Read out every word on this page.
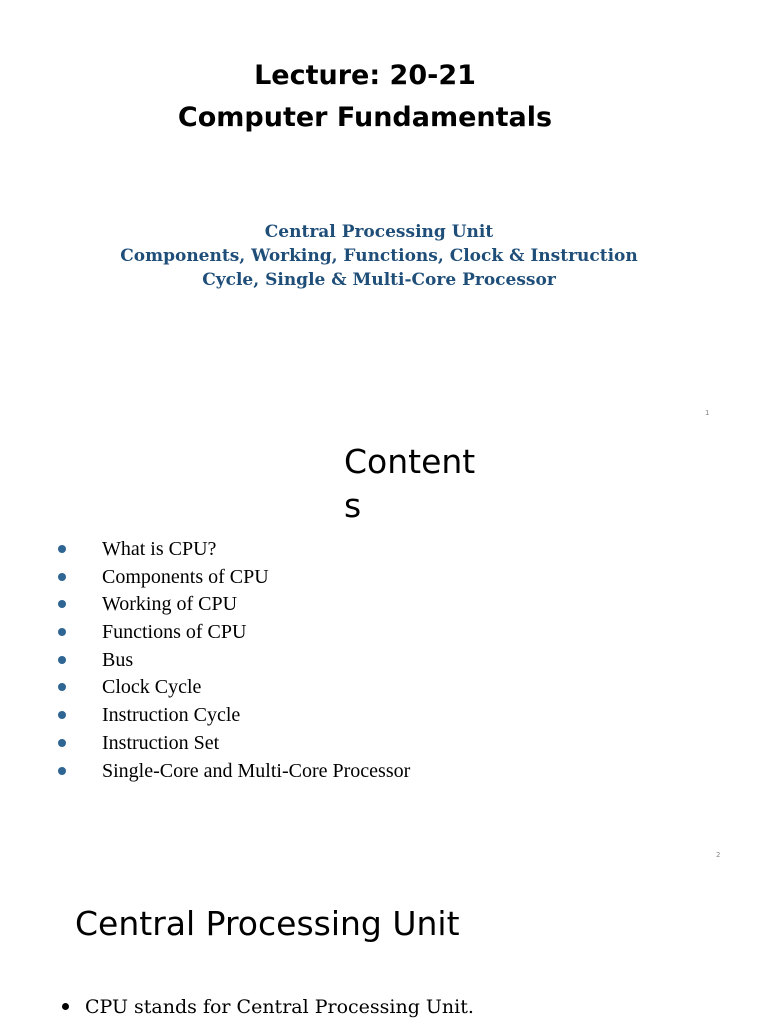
Lecture: 20-21
Computer Fundamentals
Central Processing Unit
Components, Working, Functions, Clock & Instruction
Cycle, Single & Multi-Core Processor
1
Contents
What is CPU?
Components of CPU
Working of CPU
Functions of CPU
Bus
Clock Cycle
Instruction Cycle
Instruction Set
Single-Core and Multi-Core Processor
2
Central Processing Unit
CPU stands for Central Processing Unit.
